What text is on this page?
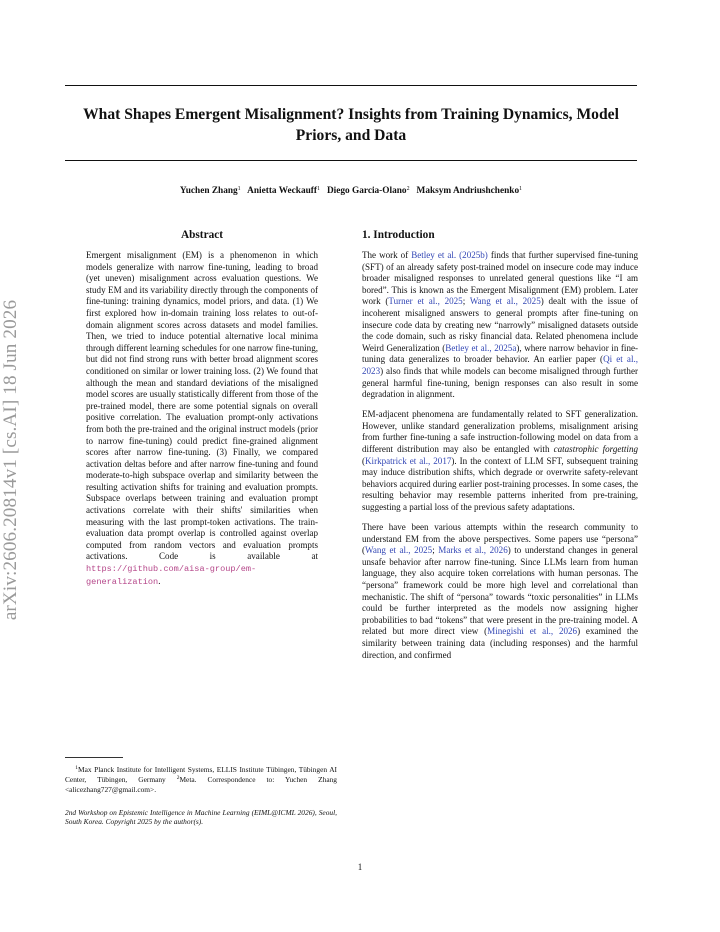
arXiv:2606.20814v1 [cs.AI] 18 Jun 2026
What Shapes Emergent Misalignment? Insights from Training Dynamics, Model Priors, and Data
Yuchen Zhang$^1$ Anietta Weckauff$^1$ Diego Garcia-Olano$^2$ Maksym Andriushchenko$^1$
Abstract

Emergent misalignment (EM) is a phenomenon in which models generalize with narrow fine-tuning, leading to broad (yet uneven) misalignment across evaluation questions. We study EM and its variability directly through the components of fine-tuning: training dynamics, model priors, and data. (1) We first explored how in-domain training loss relates to out-of-domain alignment scores across datasets and model families. Then, we tried to induce potential alternative local minima through different learning schedules for one narrow fine-tuning, but did not find strong runs with better broad alignment scores conditioned on similar or lower training loss. (2) We found that although the mean and standard deviations of the misaligned model scores are usually statistically different from those of the pre-trained model, there are some potential signals on overall positive correlation. The evaluation prompt-only activations from both the pre-trained and the original instruct models (prior to narrow fine-tuning) could predict fine-grained alignment scores after narrow fine-tuning. (3) Finally, we compared activation deltas before and after narrow fine-tuning and found moderate-to-high subspace overlap and similarity between the resulting activation shifts for training and evaluation prompts. Subspace overlaps between training and evaluation prompt activations correlate with their shifts' similarities when measuring with the last prompt-token activations. The train-evaluation data prompt overlap is controlled against overlap computed from random vectors and evaluation prompts activations. Code is available at https://github.com/aisa-group/em-generalization.

$^1$Max Planck Institute for Intelligent Systems, ELLIS Institute Tübingen, Tübingen AI Center, Tübingen, Germany $^2$Meta. Correspondence to: Yuchen Zhang <alicezhang727@gmail.com>.
2nd Workshop on Epistemic Intelligence in Machine Learning (EIML@ICML 2026), Seoul, South Korea. Copyright 2025 by the author(s).
1. Introduction

The work of Betley et al. (2025b) finds that further supervised fine-tuning (SFT) of an already safety post-trained model on insecure code may induce broader misaligned responses to unrelated general questions like “I am bored”. This is known as the Emergent Misalignment (EM) problem. Later work (Turner et al., 2025; Wang et al., 2025) dealt with the issue of incoherent misaligned answers to general prompts after fine-tuning on insecure code data by creating new “narrowly” misaligned datasets outside the code domain, such as risky financial data. Related phenomena include Weird Generalization (Betley et al., 2025a), where narrow behavior in fine-tuning data generalizes to broader behavior. An earlier paper (Qi et al., 2023) also finds that while models can become misaligned through further general harmful fine-tuning, benign responses can also result in some degradation in alignment.

EM-adjacent phenomena are fundamentally related to SFT generalization. However, unlike standard generalization problems, misalignment arising from further fine-tuning a safe instruction-following model on data from a different distribution may also be entangled with catastrophic forgetting (Kirkpatrick et al., 2017). In the context of LLM SFT, subsequent training may induce distribution shifts, which degrade or overwrite safety-relevant behaviors acquired during earlier post-training processes. In some cases, the resulting behavior may resemble patterns inherited from pre-training, suggesting a partial loss of the previous safety adaptations.

There have been various attempts within the research community to understand EM from the above perspectives. Some papers use “persona” (Wang et al., 2025; Marks et al., 2026) to understand changes in general unsafe behavior after narrow fine-tuning. Since LLMs learn from human language, they also acquire token correlations with human personas. The “persona” framework could be more high level and correlational than mechanistic. The shift of “persona” towards “toxic personalities” in LLMs could be further interpreted as the models now assigning higher probabilities to bad “tokens” that were present in the pre-training model. A related but more direct view (Minegishi et al., 2026) examined the similarity between training data (including responses) and the harmful direction, and confirmed

1
